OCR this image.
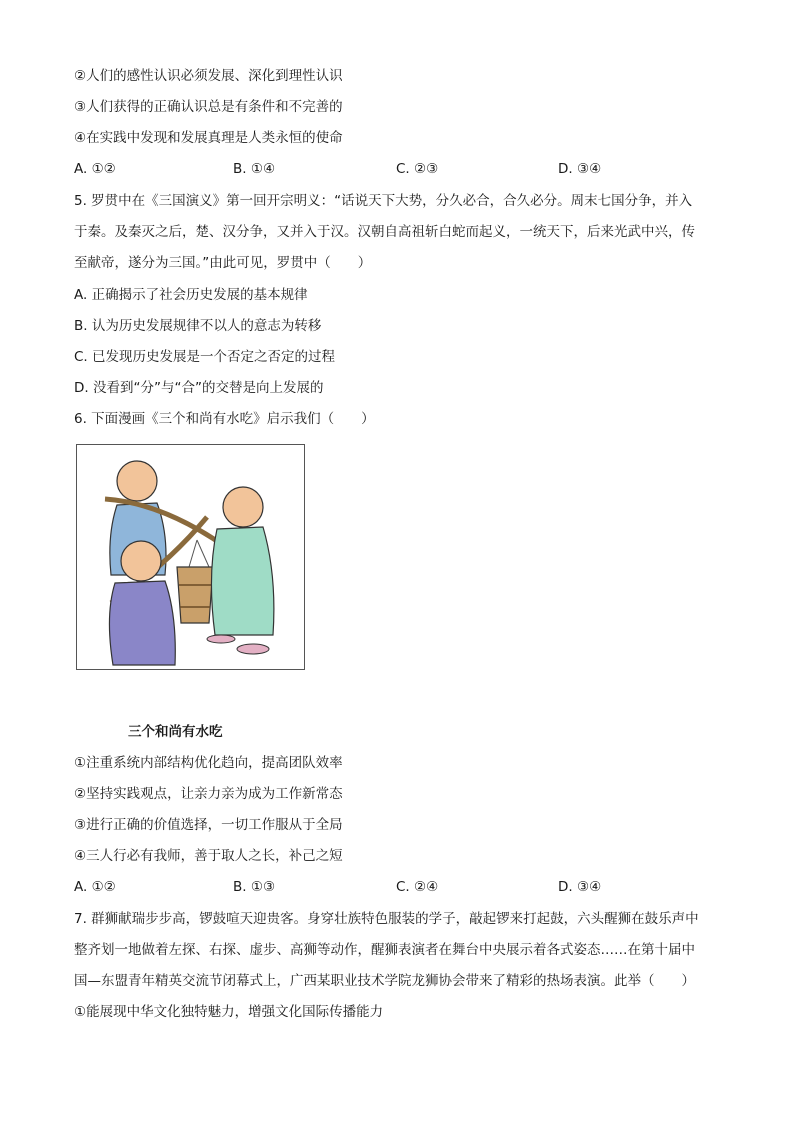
②人们的感性认识必须发展、深化到理性认识
③人们获得的正确认识总是有条件和不完善的
④在实践中发现和发展真理是人类永恒的使命
A. ①②	B. ①④	C. ②③	D. ③④
5. 罗贯中在《三国演义》第一回开宗明义：“话说天下大势，分久必合，合久必分。周末七国分争，并入
于秦。及秦灭之后，楚、汉分争，又并入于汉。汉朝自高祖斩白蛇而起义，一统天下，后来光武中兴，传
至献帝，遂分为三国。”由此可见，罗贯中（　　）
A. 正确揭示了社会历史发展的基本规律
B. 认为历史发展规律不以人的意志为转移
C. 已发现历史发展是一个否定之否定的过程
D. 没看到“分”与“合”的交替是向上发展的
6. 下面漫画《三个和尚有水吃》启示我们（　　）
三个和尚有水吃
①注重系统内部结构优化趋向，提高团队效率
②坚持实践观点，让亲力亲为成为工作新常态
③进行正确的价值选择，一切工作服从于全局
④三人行必有我师，善于取人之长，补己之短
A. ①②	B. ①③	C. ②④	D. ③④
7. 群狮献瑞步步高，锣鼓喧天迎贵客。身穿壮族特色服装的学子，敲起锣来打起鼓，六头醒狮在鼓乐声中
整齐划一地做着左探、右探、虚步、高狮等动作，醒狮表演者在舞台中央展示着各式姿态……在第十届中
国—东盟青年精英交流节闭幕式上，广西某职业技术学院龙狮协会带来了精彩的热场表演。此举（　　）
①能展现中华文化独特魅力，增强文化国际传播能力
